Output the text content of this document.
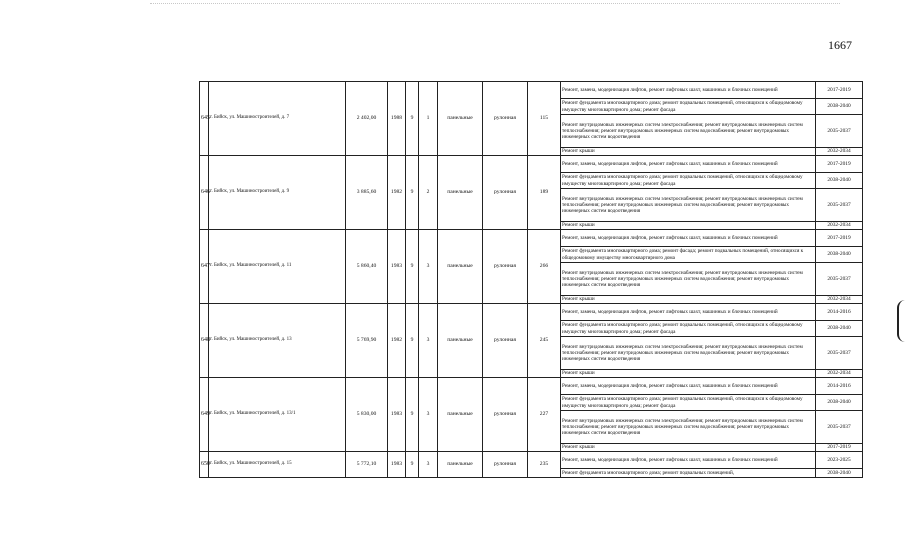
1667
645	г. Бийск, ул. Машиностроителей, д. 7	2 402,00	1988	9	1	панельные	рулонная	115	Ремонт, замена, модернизация лифтов, ремонт лифтовых шахт, машинных и блочных помещений	2017-2019
									Ремонт фундамента многоквартирного дома; ремонт подвальных помещений, относящихся к общедомовому имуществу многоквартирного дома; ремонт фасада	2038-2040
									Ремонт внутридомовых инженерных систем электроснабжения; ремонт внутридомовых инженерных систем теплоснабжения; ремонт внутридомовых инженерных систем водоснабжения; ремонт внутридомовых инженерных систем водоотведения	2035-2037
									Ремонт крыши	2032-2034
646	г. Бийск, ул. Машиностроителей, д. 9	3 885,60	1982	9	2	панельные	рулонная	189	Ремонт, замена, модернизация лифтов, ремонт лифтовых шахт, машинных и блочных помещений	2017-2019
									Ремонт фундамента многоквартирного дома; ремонт подвальных помещений, относящихся к общедомовому имуществу многоквартирного дома; ремонт фасада	2038-2040
									Ремонт внутридомовых инженерных систем электроснабжения; ремонт внутридомовых инженерных систем теплоснабжения; ремонт внутридомовых инженерных систем водоснабжения; ремонт внутридомовых инженерных систем водоотведения	2035-2037
									Ремонт крыши	2032-2034
647	г. Бийск, ул. Машиностроителей, д. 11	5 860,40	1983	9	3	панельные	рулонная	266	Ремонт, замена, модернизация лифтов, ремонт лифтовых шахт, машинных и блочных помещений	2017-2019
									Ремонт фундамента многоквартирного дома; ремонт фасада; ремонт подвальных помещений, относящихся к общедомовому имуществу многоквартирного дома	2038-2040
									Ремонт внутридомовых инженерных систем электроснабжения; ремонт внутридомовых инженерных систем теплоснабжения; ремонт внутридомовых инженерных систем водоснабжения; ремонт внутридомовых инженерных систем водоотведения	2035-2037
									Ремонт крыши	2032-2034
648	г. Бийск, ул. Машиностроителей, д. 13	5 769,90	1982	9	3	панельные	рулонная	245	Ремонт, замена, модернизация лифтов, ремонт лифтовых шахт, машинных и блочных помещений	2014-2016
									Ремонт фундамента многоквартирного дома; ремонт подвальных помещений, относящихся к общедомовому имуществу многоквартирного дома; ремонт фасада	2038-2040
									Ремонт внутридомовых инженерных систем электроснабжения; ремонт внутридомовых инженерных систем теплоснабжения; ремонт внутридомовых инженерных систем водоснабжения; ремонт внутридомовых инженерных систем водоотведения	2035-2037
									Ремонт крыши	2032-2034
649	г. Бийск, ул. Машиностроителей, д. 13/1	5 830,00	1983	9	3	панельные	рулонная	227	Ремонт, замена, модернизация лифтов, ремонт лифтовых шахт, машинных и блочных помещений	2014-2016
									Ремонт фундамента многоквартирного дома; ремонт подвальных помещений, относящихся к общедомовому имуществу многоквартирного дома; ремонт фасада	2038-2040
									Ремонт внутридомовых инженерных систем электроснабжения; ремонт внутридомовых инженерных систем теплоснабжения; ремонт внутридомовых инженерных систем водоснабжения; ремонт внутридомовых инженерных систем водоотведения	2035-2037
									Ремонт крыши	2017-2019
650	г. Бийск, ул. Машиностроителей, д. 15	5 772,10	1983	9	3	панельные	рулонная	235	Ремонт, замена, модернизация лифтов, ремонт лифтовых шахт, машинных и блочных помещений	2023-2025
									Ремонт фундамента многоквартирного дома; ремонт подвальных помещений,	2038-2040
